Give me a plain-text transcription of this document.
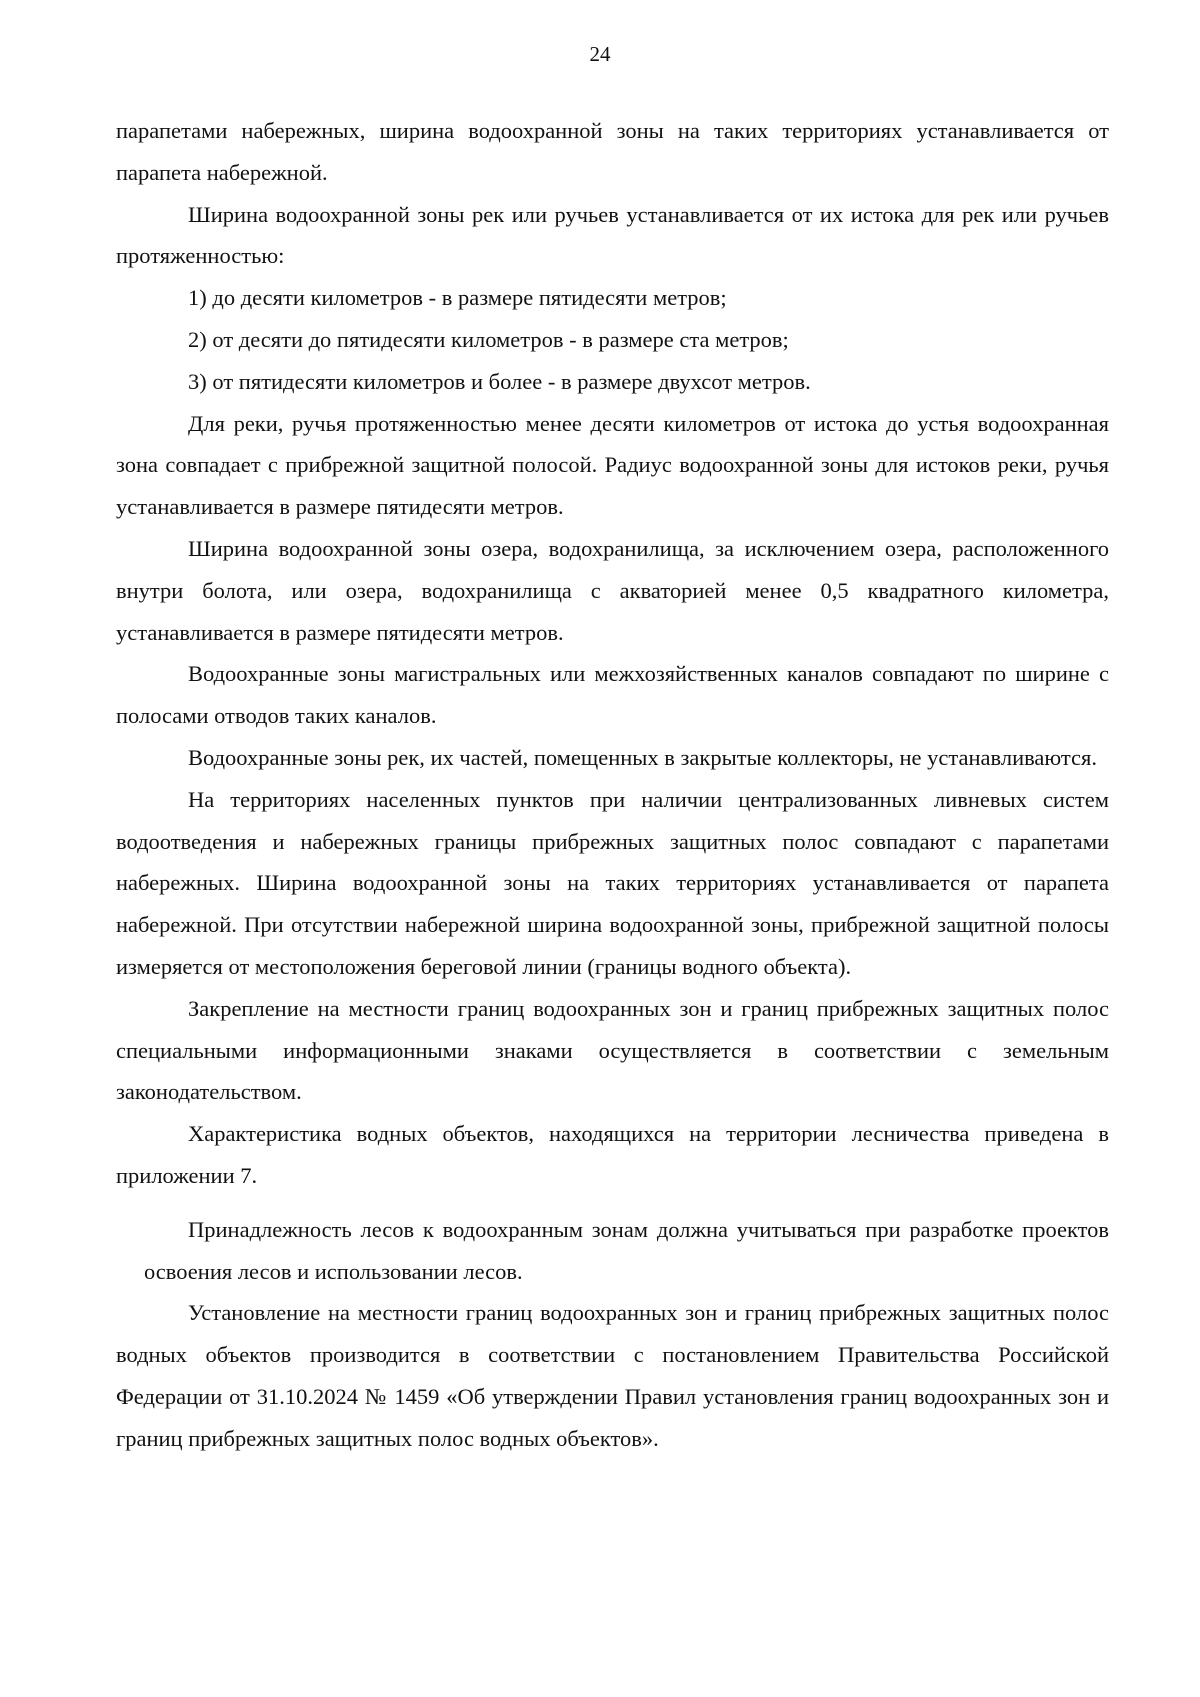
24

парапетами набережных, ширина водоохранной зоны на таких территориях устанавливается от парапета набережной.

Ширина водоохранной зоны рек или ручьев устанавливается от их истока для рек или ручьев протяженностью:

1) до десяти километров - в размере пятидесяти метров;

2) от десяти до пятидесяти километров - в размере ста метров;

3) от пятидесяти километров и более - в размере двухсот метров.

Для реки, ручья протяженностью менее десяти километров от истока до устья водоохранная зона совпадает с прибрежной защитной полосой. Радиус водоохранной зоны для истоков реки, ручья устанавливается в размере пятидесяти метров.

Ширина водоохранной зоны озера, водохранилища, за исключением озера, расположенного внутри болота, или озера, водохранилища с акваторией менее 0,5 квадратного километра, устанавливается в размере пятидесяти метров.

Водоохранные зоны магистральных или межхозяйственных каналов совпадают по ширине с полосами отводов таких каналов.

Водоохранные зоны рек, их частей, помещенных в закрытые коллекторы, не устанавливаются.

На территориях населенных пунктов при наличии централизованных ливневых систем водоотведения и набережных границы прибрежных защитных полос совпадают с парапетами набережных. Ширина водоохранной зоны на таких территориях устанавливается от парапета набережной. При отсутствии набережной ширина водоохранной зоны, прибрежной защитной полосы измеряется от местоположения береговой линии (границы водного объекта).

Закрепление на местности границ водоохранных зон и границ прибрежных защитных полос специальными информационными знаками осуществляется в соответствии с земельным законодательством.

Характеристика водных объектов, находящихся на территории лесничества приведена в приложении 7.

Принадлежность лесов к водоохранным зонам должна учитываться при разработке проектов освоения лесов и использовании лесов.

Установление на местности границ водоохранных зон и границ прибрежных защитных полос водных объектов производится в соответствии с постановлением Правительства Российской Федерации от 31.10.2024 № 1459 «Об утверждении Правил установления границ водоохранных зон и границ прибрежных защитных полос водных объектов».
